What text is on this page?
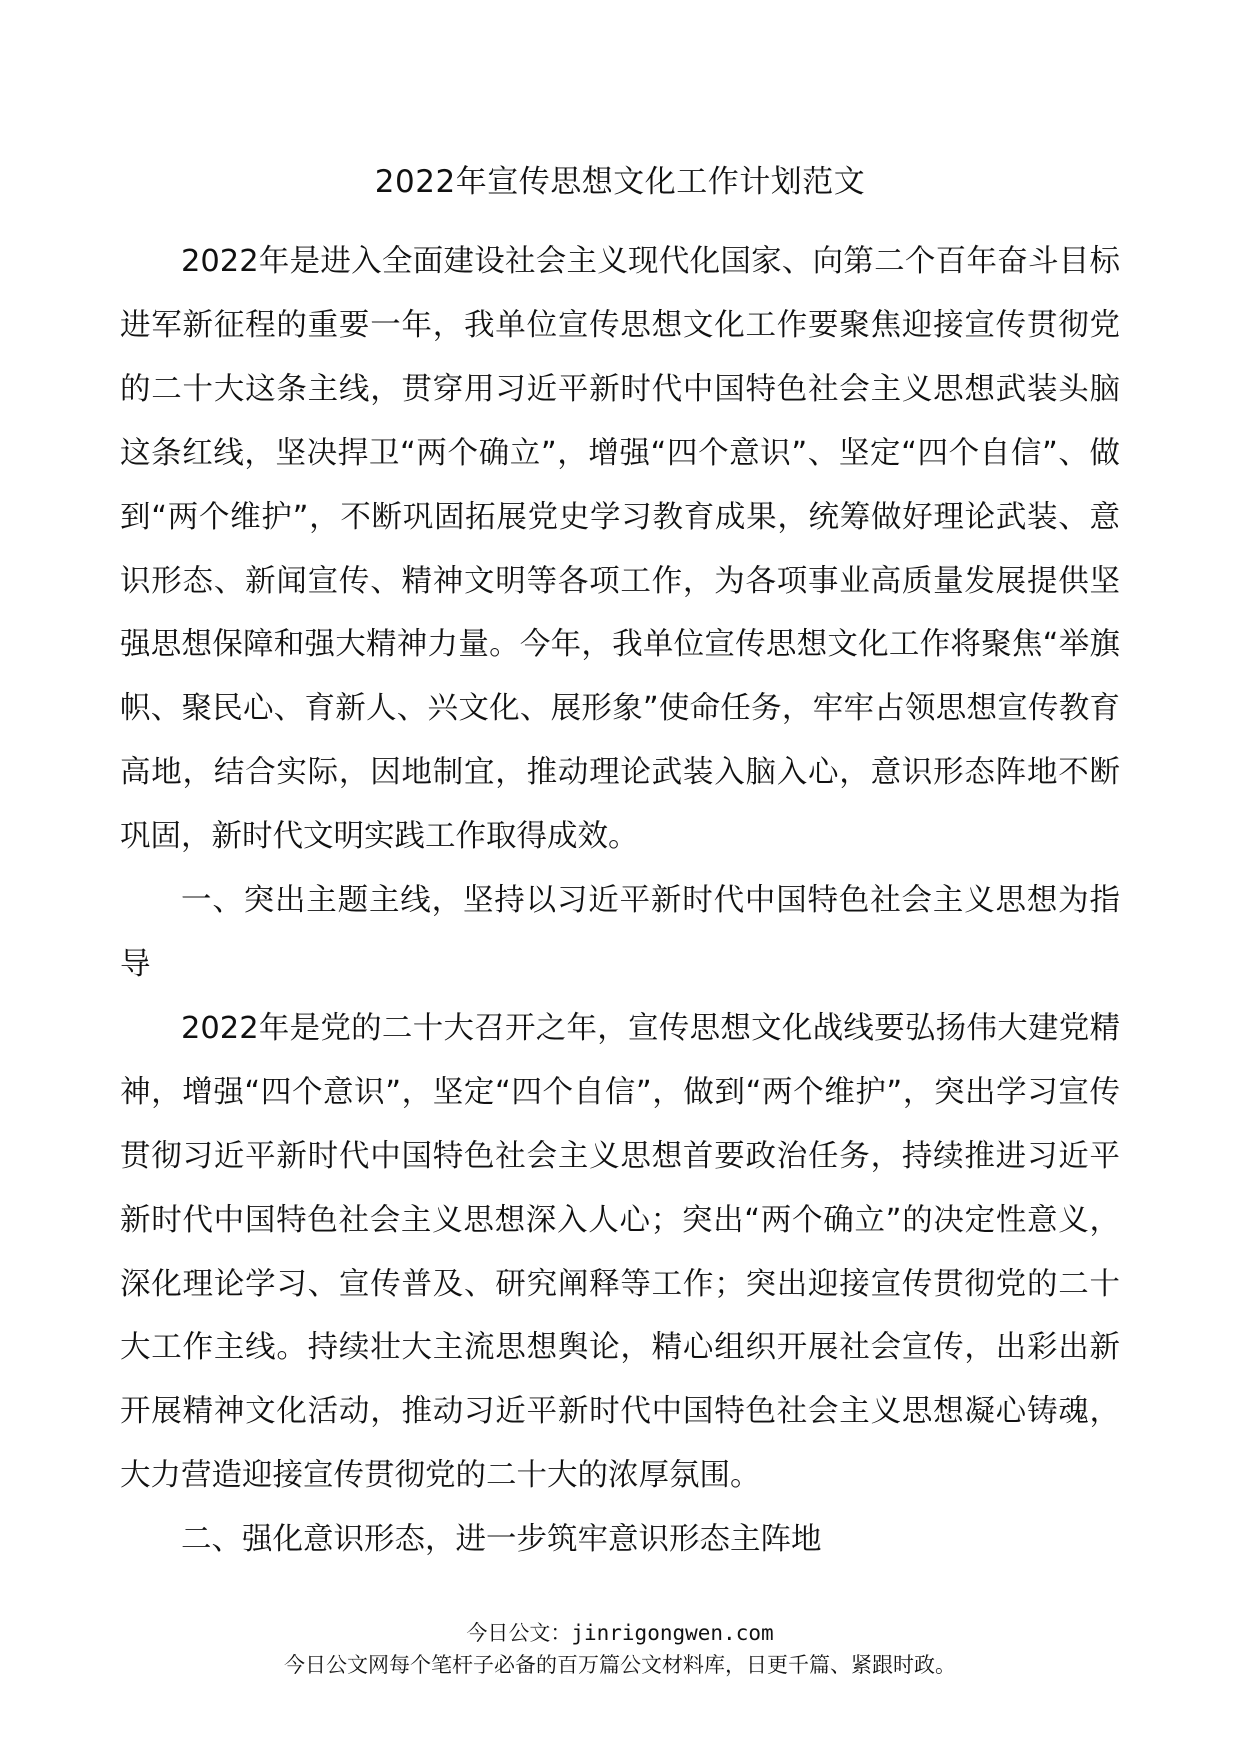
2022年宣传思想文化工作计划范文

2022年是进入全面建设社会主义现代化国家、向第二个百年奋斗目标进军新征程的重要一年，我单位宣传思想文化工作要聚焦迎接宣传贯彻党的二十大这条主线，贯穿用习近平新时代中国特色社会主义思想武装头脑这条红线，坚决捍卫“两个确立”，增强“四个意识”、坚定“四个自信”、做到“两个维护”，不断巩固拓展党史学习教育成果，统筹做好理论武装、意识形态、新闻宣传、精神文明等各项工作，为各项事业高质量发展提供坚强思想保障和强大精神力量。今年，我单位宣传思想文化工作将聚焦“举旗帜、聚民心、育新人、兴文化、展形象”使命任务，牢牢占领思想宣传教育高地，结合实际，因地制宜，推动理论武装入脑入心，意识形态阵地不断巩固，新时代文明实践工作取得成效。

一、突出主题主线，坚持以习近平新时代中国特色社会主义思想为指导

2022年是党的二十大召开之年，宣传思想文化战线要弘扬伟大建党精神，增强“四个意识”，坚定“四个自信”，做到“两个维护”，突出学习宣传贯彻习近平新时代中国特色社会主义思想首要政治任务，持续推进习近平新时代中国特色社会主义思想深入人心；突出“两个确立”的决定性意义，深化理论学习、宣传普及、研究阐释等工作；突出迎接宣传贯彻党的二十大工作主线。持续壮大主流思想舆论，精心组织开展社会宣传，出彩出新开展精神文化活动，推动习近平新时代中国特色社会主义思想凝心铸魂，大力营造迎接宣传贯彻党的二十大的浓厚氛围。

二、强化意识形态，进一步筑牢意识形态主阵地

今日公文：jinrigongwen.com
今日公文网每个笔杆子必备的百万篇公文材料库，日更千篇、紧跟时政。
